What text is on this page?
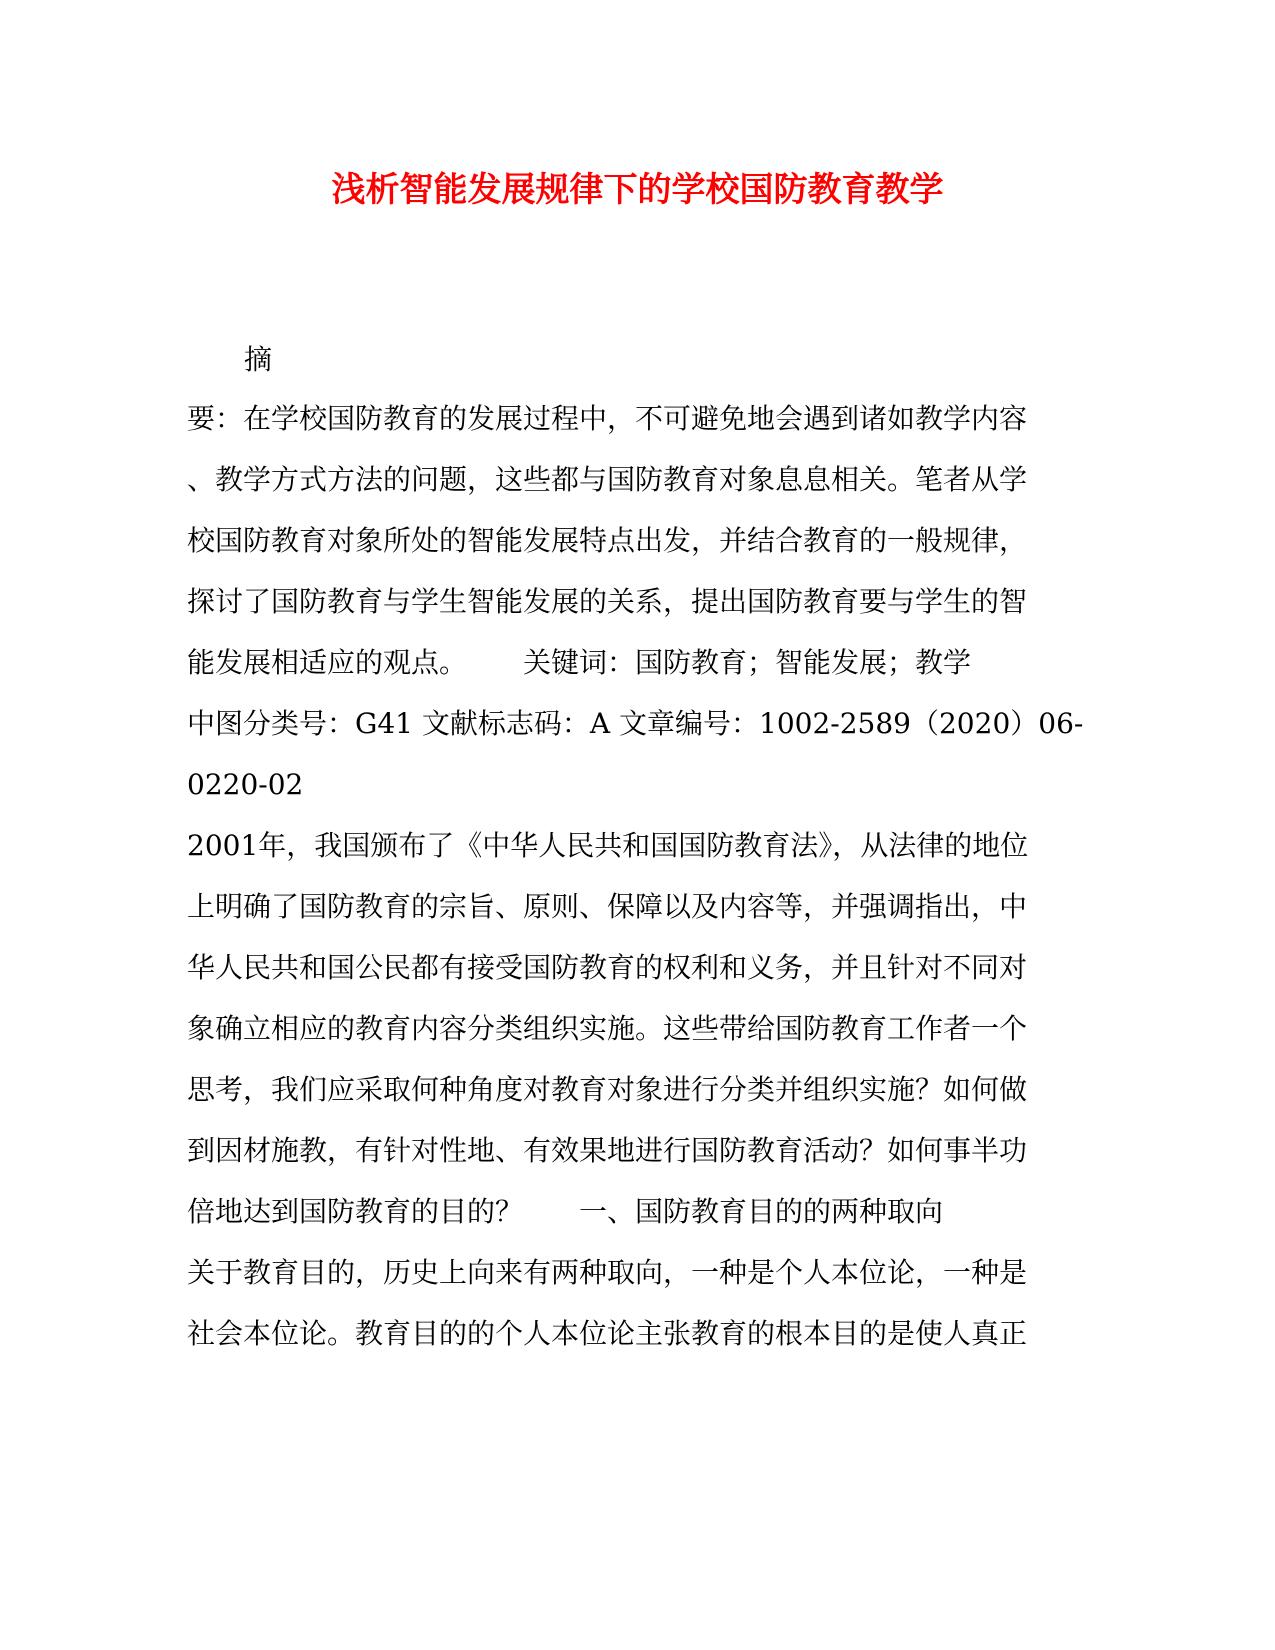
浅析智能发展规律下的学校国防教育教学

摘

要：在学校国防教育的发展过程中，不可避免地会遇到诸如教学内容

、教学方式方法的问题，这些都与国防教育对象息息相关。笔者从学

校国防教育对象所处的智能发展特点出发，并结合教育的一般规律，

探讨了国防教育与学生智能发展的关系，提出国防教育要与学生的智

能发展相适应的观点。 关键词：国防教育；智能发展；教学

中图分类号：G41 文献标志码：A 文章编号：1002-2589（2020）06-

0220-02

2001年，我国颁布了《中华人民共和国国防教育法》，从法律的地位

上明确了国防教育的宗旨、原则、保障以及内容等，并强调指出，中

华人民共和国公民都有接受国防教育的权利和义务，并且针对不同对

象确立相应的教育内容分类组织实施。这些带给国防教育工作者一个

思考，我们应采取何种角度对教育对象进行分类并组织实施？如何做

到因材施教，有针对性地、有效果地进行国防教育活动？如何事半功

倍地达到国防教育的目的？ 一、国防教育目的的两种取向

关于教育目的，历史上向来有两种取向，一种是个人本位论，一种是

社会本位论。教育目的的个人本位论主张教育的根本目的是使人真正
